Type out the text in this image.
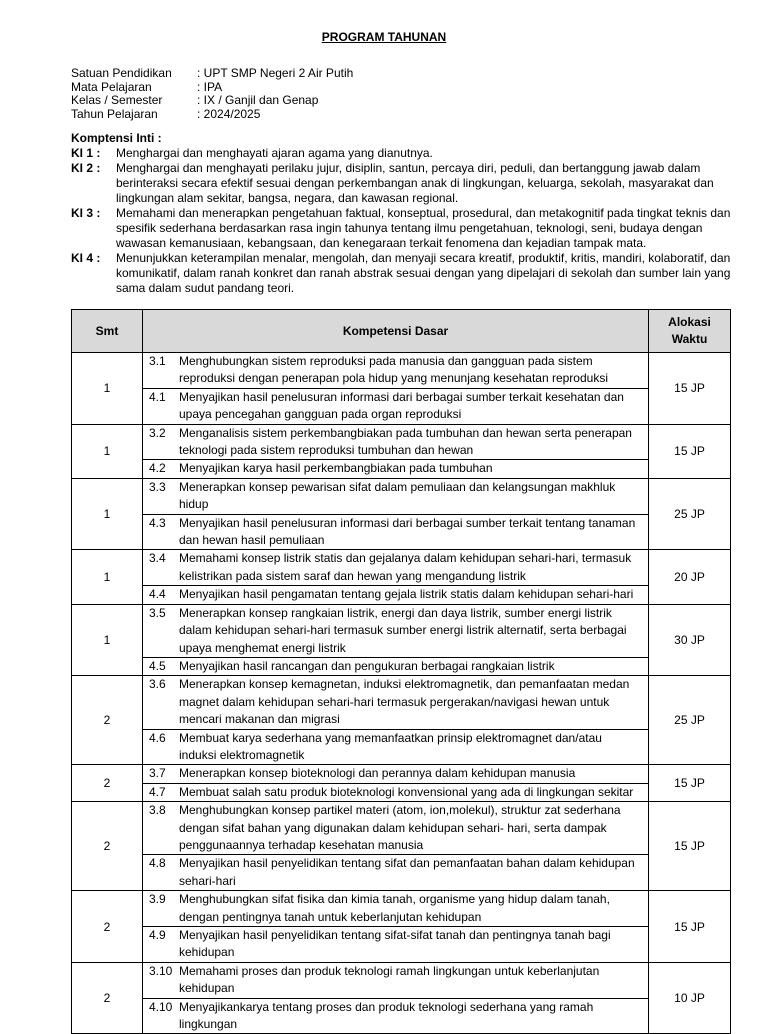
PROGRAM TAHUNAN
Satuan Pendidikan	: UPT SMP Negeri 2 Air Putih
Mata Pelajaran	: IPA
Kelas / Semester	: IX / Ganjil dan Genap
Tahun Pelajaran	: 2024/2025
Komptensi Inti :
KI 1 :	Menghargai dan menghayati ajaran agama yang dianutnya.
KI 2 :	Menghargai dan menghayati perilaku jujur, disiplin, santun, percaya diri, peduli, dan bertanggung jawab dalam berinteraksi secara efektif sesuai dengan perkembangan anak di lingkungan, keluarga, sekolah, masyarakat dan lingkungan alam sekitar, bangsa, negara, dan kawasan regional.
KI 3 :	Memahami dan menerapkan pengetahuan faktual, konseptual, prosedural, dan metakognitif pada tingkat teknis dan spesifik sederhana berdasarkan rasa ingin tahunya tentang ilmu pengetahuan, teknologi, seni, budaya dengan wawasan kemanusiaan, kebangsaan, dan kenegaraan terkait fenomena dan kejadian tampak mata.
KI 4 :	Menunjukkan keterampilan menalar, mengolah, dan menyaji secara kreatif, produktif, kritis, mandiri, kolaboratif, dan komunikatif, dalam ranah konkret dan ranah abstrak sesuai dengan yang dipelajari di sekolah dan sumber lain yang sama dalam sudut pandang teori.
Smt	Kompetensi Dasar	Alokasi Waktu
1	3.1 Menghubungkan sistem reproduksi pada manusia dan gangguan pada sistem reproduksi dengan penerapan pola hidup yang menunjang kesehatan reproduksi
4.1 Menyajikan hasil penelusuran informasi dari berbagai sumber terkait kesehatan dan upaya pencegahan gangguan pada organ reproduksi	15 JP
1	3.2 Menganalisis sistem perkembangbiakan pada tumbuhan dan hewan serta penerapan teknologi pada sistem reproduksi tumbuhan dan hewan
4.2 Menyajikan karya hasil perkembangbiakan pada tumbuhan	15 JP
1	3.3 Menerapkan konsep pewarisan sifat dalam pemuliaan dan kelangsungan makhluk hidup
4.3 Menyajikan hasil penelusuran informasi dari berbagai sumber terkait tentang tanaman dan hewan hasil pemuliaan	25 JP
1	3.4 Memahami konsep listrik statis dan gejalanya dalam kehidupan sehari-hari, termasuk kelistrikan pada sistem saraf dan hewan yang mengandung listrik
4.4 Menyajikan hasil pengamatan tentang gejala listrik statis dalam kehidupan sehari-hari	20 JP
1	3.5 Menerapkan konsep rangkaian listrik, energi dan daya listrik, sumber energi listrik dalam kehidupan sehari-hari termasuk sumber energi listrik alternatif, serta berbagai upaya menghemat energi listrik
4.5 Menyajikan hasil rancangan dan pengukuran berbagai rangkaian listrik	30 JP
2	3.6 Menerapkan konsep kemagnetan, induksi elektromagnetik, dan pemanfaatan medan magnet dalam kehidupan sehari-hari termasuk pergerakan/navigasi hewan untuk mencari makanan dan migrasi
4.6 Membuat karya sederhana yang memanfaatkan prinsip elektromagnet dan/atau induksi elektromagnetik	25 JP
2	3.7 Menerapkan konsep bioteknologi dan perannya dalam kehidupan manusia
4.7 Membuat salah satu produk bioteknologi konvensional yang ada di lingkungan sekitar	15 JP
2	3.8 Menghubungkan konsep partikel materi (atom, ion,molekul), struktur zat sederhana dengan sifat bahan yang digunakan dalam kehidupan sehari- hari, serta dampak penggunaannya terhadap kesehatan manusia
4.8 Menyajikan hasil penyelidikan tentang sifat dan pemanfaatan bahan dalam kehidupan sehari-hari	15 JP
2	3.9 Menghubungkan sifat fisika dan kimia tanah, organisme yang hidup dalam tanah, dengan pentingnya tanah untuk keberlanjutan kehidupan
4.9 Menyajikan hasil penyelidikan tentang sifat-sifat tanah dan pentingnya tanah bagi kehidupan	15 JP
2	3.10 Memahami proses dan produk teknologi ramah lingkungan untuk keberlanjutan kehidupan
4.10 Menyajikankarya tentang proses dan produk teknologi sederhana yang ramah lingkungan	10 JP
